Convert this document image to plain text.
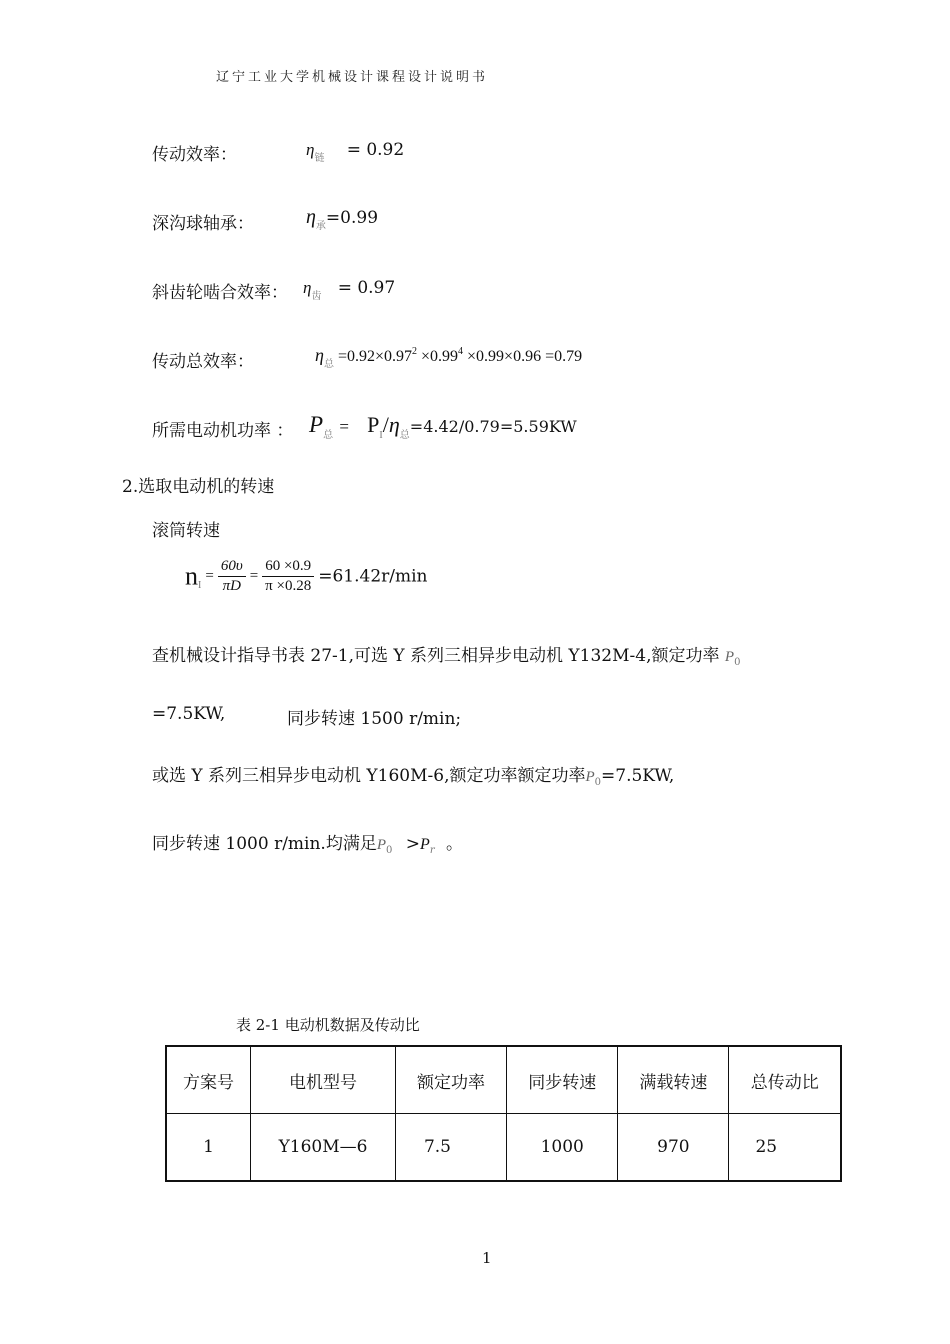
辽宁工业大学机械设计课程设计说明书
传动效率：	$\eta_链 = 0.92$
深沟球轴承：	$\eta_承=0.99$
斜齿轮啮合效率： $\eta_齿 = 0.97$
传动总效率：	$\eta_总 =0.92\times 0.97^2 \times 0.99^4 \times 0.99\times 0.96 =0.79$
所需电动机功率 ： $P_总 = P_I/\eta_总=4.42/0.79=5.59KW$
2.选取电动机的转速
滚筒转速
$n_I = \frac{60\upsilon}{\pi D} = \frac{60 \times 0.9}{\pi \times 0.28} =61.42r/\min$
查机械设计指导书表 27-1,可选 Y 系列三相异步电动机 Y132M-4,额定功率 $P_0$
=7.5KW,	同步转速 1500 r/min;
或选 Y 系列三相异步电动机 Y160M-6,额定功率额定功率$P_0=7.5KW$,
同步转速 1000 r/min.均满足$P_0 >P_r$ 。
表 2-1 电动机数据及传动比
方案号	电机型号	额定功率	同步转速	满载转速	总传动比
1	Y160M—6	7.5	1000	970	25
1
